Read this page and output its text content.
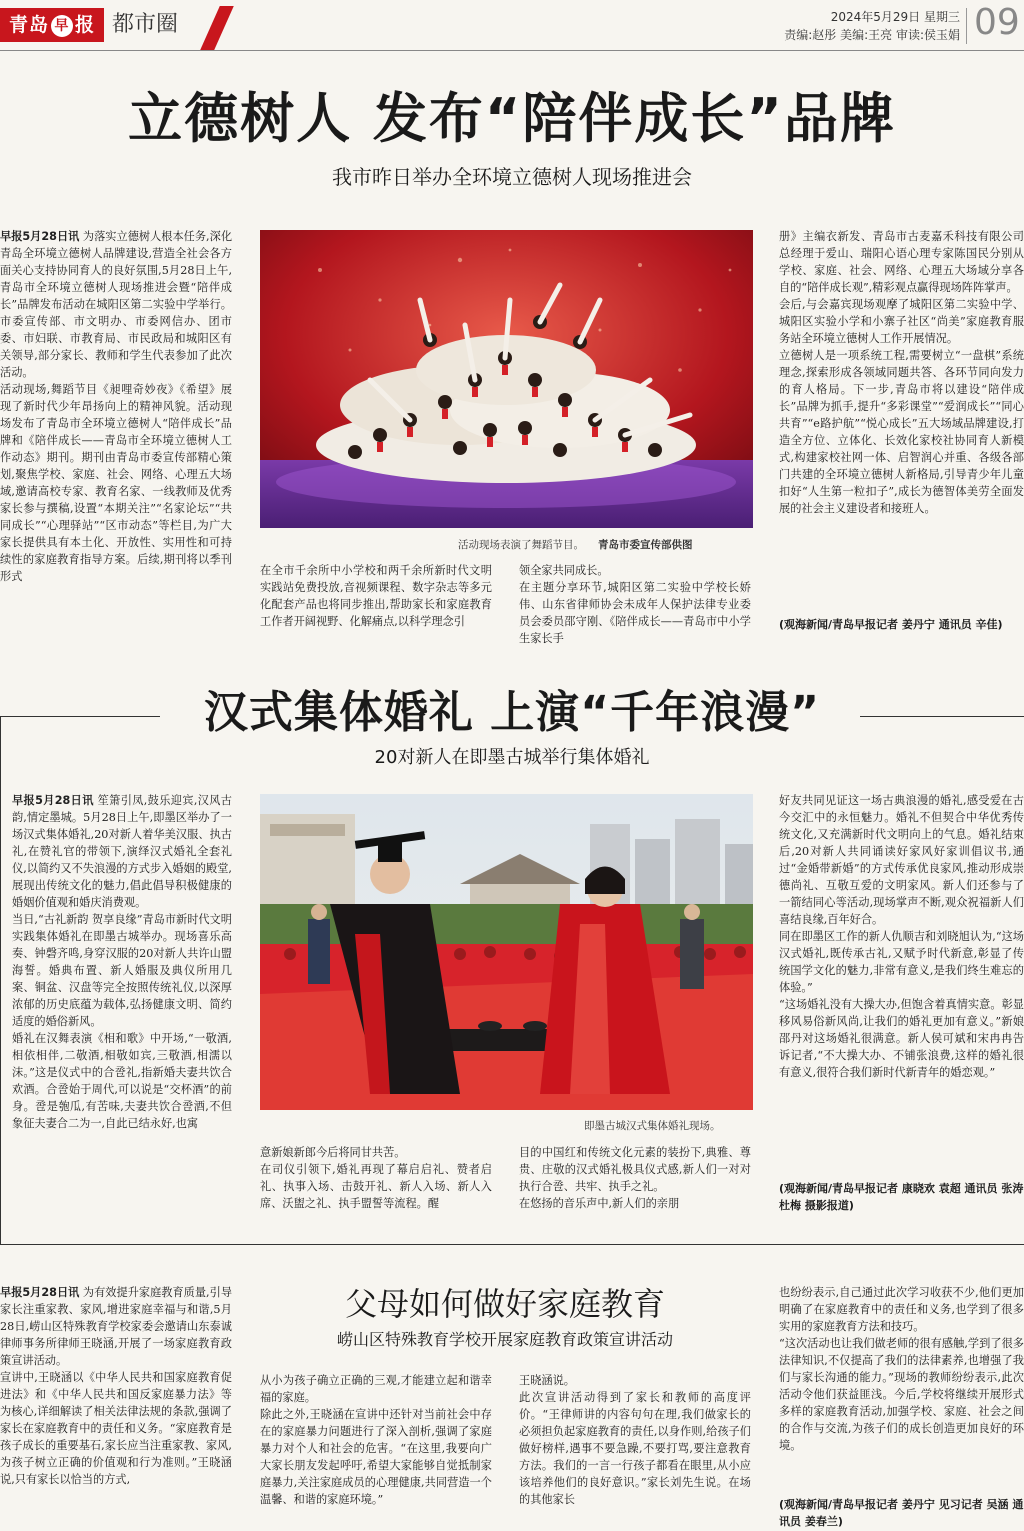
青岛 早 报 都市圈	2024年5月29日 星期三
责编:赵彤 美编:王亮 审读:侯玉娟 09
立德树人 发布“陪伴成长”品牌
我市昨日举办全环境立德树人现场推进会
早报5月28日讯 为落实立德树人根本任务,深化青岛全环境立德树人品牌建设,营造全社会各方面关心支持协同育人的良好氛围,5月28日上午,青岛市全环境立德树人现场推进会暨“陪伴成长”品牌发布活动在城阳区第二实验中学举行。市委宣传部、市文明办、市委网信办、团市委、市妇联、市教育局、市民政局和城阳区有关领导,部分家长、教师和学生代表参加了此次活动。
活动现场,舞蹈节目《昶哩奇妙夜》《希望》展现了新时代少年昂扬向上的精神风貌。活动现场发布了青岛市全环境立德树人“陪伴成长”品牌和《陪伴成长——青岛市全环境立德树人工作动态》期刊。期刊由青岛市委宣传部精心策划,聚焦学校、家庭、社会、网络、心理五大场域,邀请高校专家、教育名家、一线教师及优秀家长参与撰稿,设置“本期关注”“名家论坛”“共同成长”“心理驿站”“区市动态”等栏目,为广大家长提供具有本土化、开放性、实用性和可持续性的家庭教育指导方案。后续,期刊将以季刊形式
活动现场表演了舞蹈节目。 青岛市委宣传部供图
在全市千余所中小学校和两千余所新时代文明实践站免费投放,音视频课程、数字杂志等多元化配套产品也将同步推出,帮助家长和家庭教育工作者开阔视野、化解痛点,以科学理念引
领全家共同成长。
在主题分享环节,城阳区第二实验中学校长娇伟、山东省律师协会未成年人保护法律专业委员会委员邵守刚、《陪伴成长——青岛市中小学生家长手
册》主编衣新发、青岛市古麦嘉禾科技有限公司总经理于爱山、瑞阳心语心理专家陈国民分别从学校、家庭、社会、网络、心理五大场域分享各自的“陪伴成长观”,精彩观点赢得现场阵阵掌声。
会后,与会嘉宾现场观摩了城阳区第二实验中学、城阳区实验小学和小寨子社区“尚美”家庭教育服务站全环境立德树人工作开展情况。
立德树人是一项系统工程,需要树立“一盘棋”系统理念,探索形成各领域同题共答、各环节同向发力的育人格局。下一步,青岛市将以建设“陪伴成长”品牌为抓手,提升“多彩课堂”“爱润成长”“同心共育”“e路护航”“悦心成长”五大场域品牌建设,打造全方位、立体化、长效化家校社协同育人新模式,构建家校社网一体、启智润心并重、各级各部门共建的全环境立德树人新格局,引导青少年儿童扣好“人生第一粒扣子”,成长为德智体美劳全面发展的社会主义建设者和接班人。
(观海新闻/青岛早报记者 姜丹宁 通讯员 辛佳)
汉式集体婚礼 上演“千年浪漫”
20对新人在即墨古城举行集体婚礼
早报5月28日讯 笙箫引凤,鼓乐迎宾,汉风古韵,情定墨城。5月28日上午,即墨区举办了一场汉式集体婚礼,20对新人着华美汉服、执古礼,在赞礼官的带领下,演绎汉式婚礼全套礼仪,以简约又不失浪漫的方式步入婚姻的殿堂,展现出传统文化的魅力,倡此倡导积极健康的婚姻价值观和婚庆消费观。
当日,“古礼新韵 贺享良缘”青岛市新时代文明实践集体婚礼在即墨古城举办。现场喜乐高奏、钟磬齐鸣,身穿汉服的20对新人共许山盟海誓。婚典布置、新人婚服及典仪所用几案、铜盆、汉盘等完全按照传统礼仪,以深厚浓郁的历史底蕴为载体,弘扬健康文明、简约适度的婚俗新风。
婚礼在汉舞表演《相和歌》中开场,“一敬酒,相依相伴,二敬酒,相敬如宾,三敬酒,相濡以沫。”这是仪式中的合卺礼,指新婚夫妻共饮合欢酒。合卺始于周代,可以说是“交杯酒”的前身。卺是匏瓜,有苦味,夫妻共饮合卺酒,不但象征夫妻合二为一,自此已结永好,也寓	即墨古城汉式集体婚礼现场。
意新娘新郎今后将同甘共苦。
在司仪引领下,婚礼再现了幕启启礼、赞者启礼、执事入场、击鼓开礼、新人入场、新人入席、沃盥之礼、执手盟誓等流程。醒
目的中国红和传统文化元素的装扮下,典雅、尊贵、庄敬的汉式婚礼极具仪式感,新人们一对对执行合卺、共牢、执手之礼。
在悠扬的音乐声中,新人们的亲朋
好友共同见证这一场古典浪漫的婚礼,感受爱在古今交汇中的永恒魅力。婚礼不但契合中华优秀传统文化,又充满新时代文明向上的气息。婚礼结束后,20对新人共同诵读好家风好家训倡议书,通过“金婚带新婚”的方式传承优良家风,推动形成崇德尚礼、互敬互爱的文明家风。新人们还参与了一箭结同心等活动,现场掌声不断,观众祝福新人们喜结良缘,百年好合。
同在即墨区工作的新人仇顺吉和刘晓旭认为,“这场汉式婚礼,既传承古礼,又赋予时代新意,彰显了传统国学文化的魅力,非常有意义,是我们终生难忘的体验。”
“这场婚礼没有大操大办,但饱含着真情实意。彰显移风易俗新风尚,让我们的婚礼更加有意义。”新娘邵丹对这场婚礼很满意。新人侯可斌和宋冉冉告诉记者,“不大操大办、不铺张浪费,这样的婚礼很有意义,很符合我们新时代新青年的婚恋观。”
(观海新闻/青岛早报记者 康晓欢 袁超 通讯员 张涛 杜梅 摄影报道)
早报5月28日讯 为有效提升家庭教育质量,引导家长注重家教、家风,增进家庭幸福与和谐,5月28日,崂山区特殊教育学校家委会邀请山东泰诚律师事务所律师王晓涵,开展了一场家庭教育政策宣讲活动。
宣讲中,王晓涵以《中华人民共和国家庭教育促进法》和《中华人民共和国反家庭暴力法》等为核心,详细解读了相关法律法规的条款,强调了家长在家庭教育中的责任和义务。“家庭教育是孩子成长的重要基石,家长应当注重家教、家风,为孩子树立正确的价值观和行为准则。”王晓涵说,只有家长以恰当的方式,
父母如何做好家庭教育
崂山区特殊教育学校开展家庭教育政策宣讲活动
从小为孩子确立正确的三观,才能建立起和谐幸福的家庭。
除此之外,王晓涵在宣讲中还针对当前社会中存在的家庭暴力问题进行了深入剖析,强调了家庭暴力对个人和社会的危害。“在这里,我要向广大家长朋友发起呼吁,希望大家能够自觉抵制家庭暴力,关注家庭成员的心理健康,共同营造一个温馨、和谐的家庭环境。”
王晓涵说。
此次宣讲活动得到了家长和教师的高度评价。“王律师讲的内容句句在理,我们做家长的必须担负起家庭教育的责任,以身作则,给孩子们做好榜样,遇事不要急躁,不要打骂,要注意教育方法。我们的一言一行孩子都看在眼里,从小应该培养他们的良好意识。”家长刘先生说。在场的其他家长
也纷纷表示,自己通过此次学习收获不少,他们更加明确了在家庭教育中的责任和义务,也学到了很多实用的家庭教育方法和技巧。
“这次活动也让我们做老师的很有感触,学到了很多法律知识,不仅提高了我们的法律素养,也增强了我们与家长沟通的能力。”现场的教师纷纷表示,此次活动令他们获益匪浅。今后,学校将继续开展形式多样的家庭教育活动,加强学校、家庭、社会之间的合作与交流,为孩子们的成长创造更加良好的环境。
(观海新闻/青岛早报记者 姜丹宁 见习记者 吴涵 通讯员 姜春兰)
